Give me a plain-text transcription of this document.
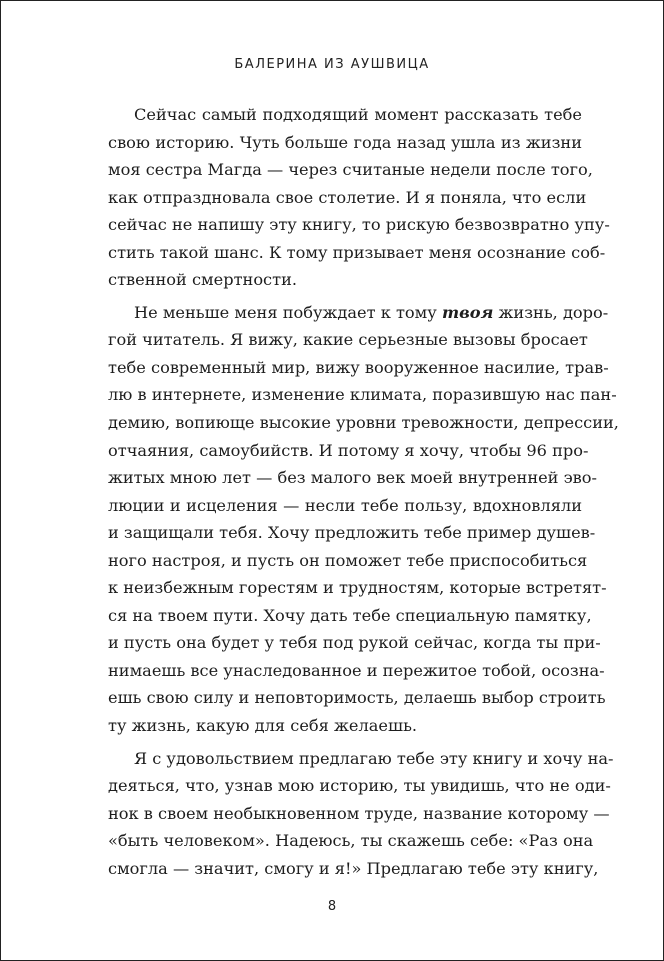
БАЛЕРИНА ИЗ АУШВИЦА
Сейчас самый подходящий момент рассказать тебе
свою историю. Чуть больше года назад ушла из жизни
моя сестра Магда — через считаные недели после того,
как отпраздновала свое столетие. И я поняла, что если
сейчас не напишу эту книгу, то рискую безвозвратно упу-
стить такой шанс. К тому призывает меня осознание соб-
ственной смертности.
Не меньше меня побуждает к тому твоя жизнь, доро-
гой читатель. Я вижу, какие серьезные вызовы бросает
тебе современный мир, вижу вооруженное насилие, трав-
лю в интернете, изменение климата, поразившую нас пан-
демию, вопиюще высокие уровни тревожности, депрессии,
отчаяния, самоубийств. И потому я хочу, чтобы 96 про-
житых мною лет — без малого век моей внутренней эво-
люции и исцеления — несли тебе пользу, вдохновляли
и защищали тебя. Хочу предложить тебе пример душев-
ного настроя, и пусть он поможет тебе приспособиться
к неизбежным горестям и трудностям, которые встретят-
ся на твоем пути. Хочу дать тебе специальную памятку,
и пусть она будет у тебя под рукой сейчас, когда ты при-
нимаешь все унаследованное и пережитое тобой, осозна-
ешь свою силу и неповторимость, делаешь выбор строить
ту жизнь, какую для себя желаешь.
Я с удовольствием предлагаю тебе эту книгу и хочу на-
деяться, что, узнав мою историю, ты увидишь, что не оди-
нок в своем необыкновенном труде, название которому —
«быть человеком». Надеюсь, ты скажешь себе: «Раз она
смогла — значит, смогу и я!» Предлагаю тебе эту книгу,
8
